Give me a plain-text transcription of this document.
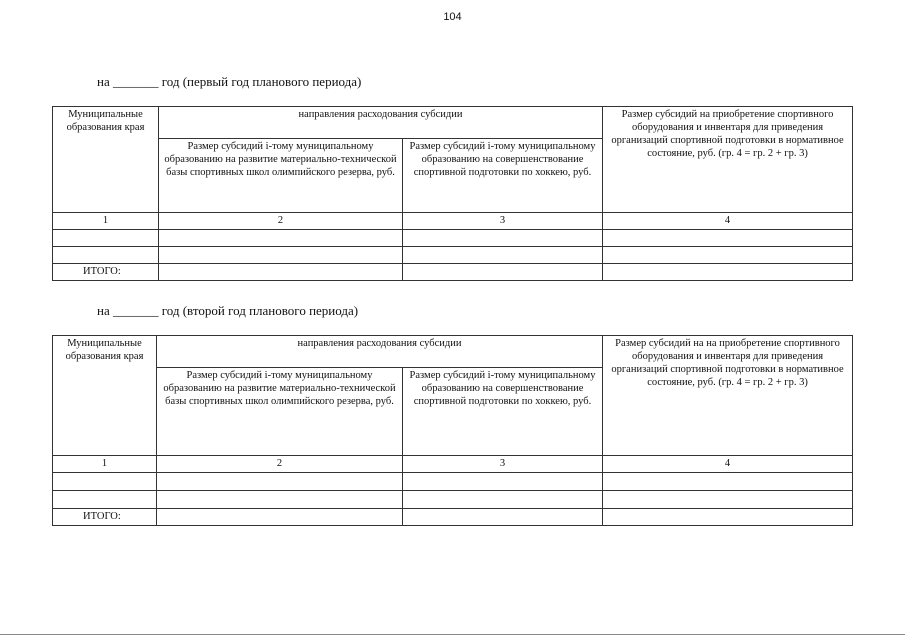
104
на _______ год (первый год планового периода)
Муниципальные образования края	направления расходования субсидии		Размер субсидий на приобретение спортивного оборудования и инвентаря для приведения организаций спортивной подготовки в нормативное состояние, руб. (гр. 4 = гр. 2 + гр. 3)
	Размер субсидий i-тому муниципальному образованию на развитие материально-технической базы спортивных школ олимпийского резерва, руб.	Размер субсидий i-тому муниципальному образованию на совершенствование спортивной подготовки по хоккею, руб.	
1	2	3	4

ИТОГО:			
на _______ год (второй год планового периода)
Муниципальные образования края	направления расходования субсидии		Размер субсидий на на приобретение спортивного оборудования и инвентаря для приведения организаций спортивной подготовки в нормативное состояние, руб. (гр. 4 = гр. 2 + гр. 3)
	Размер субсидий i-тому муниципальному образованию на развитие материально-технической базы спортивных школ олимпийского резерва, руб.	Размер субсидий i-тому муниципальному образованию на совершенствование спортивной подготовки по хоккею, руб.	
1	2	3	4

ИТОГО:			
